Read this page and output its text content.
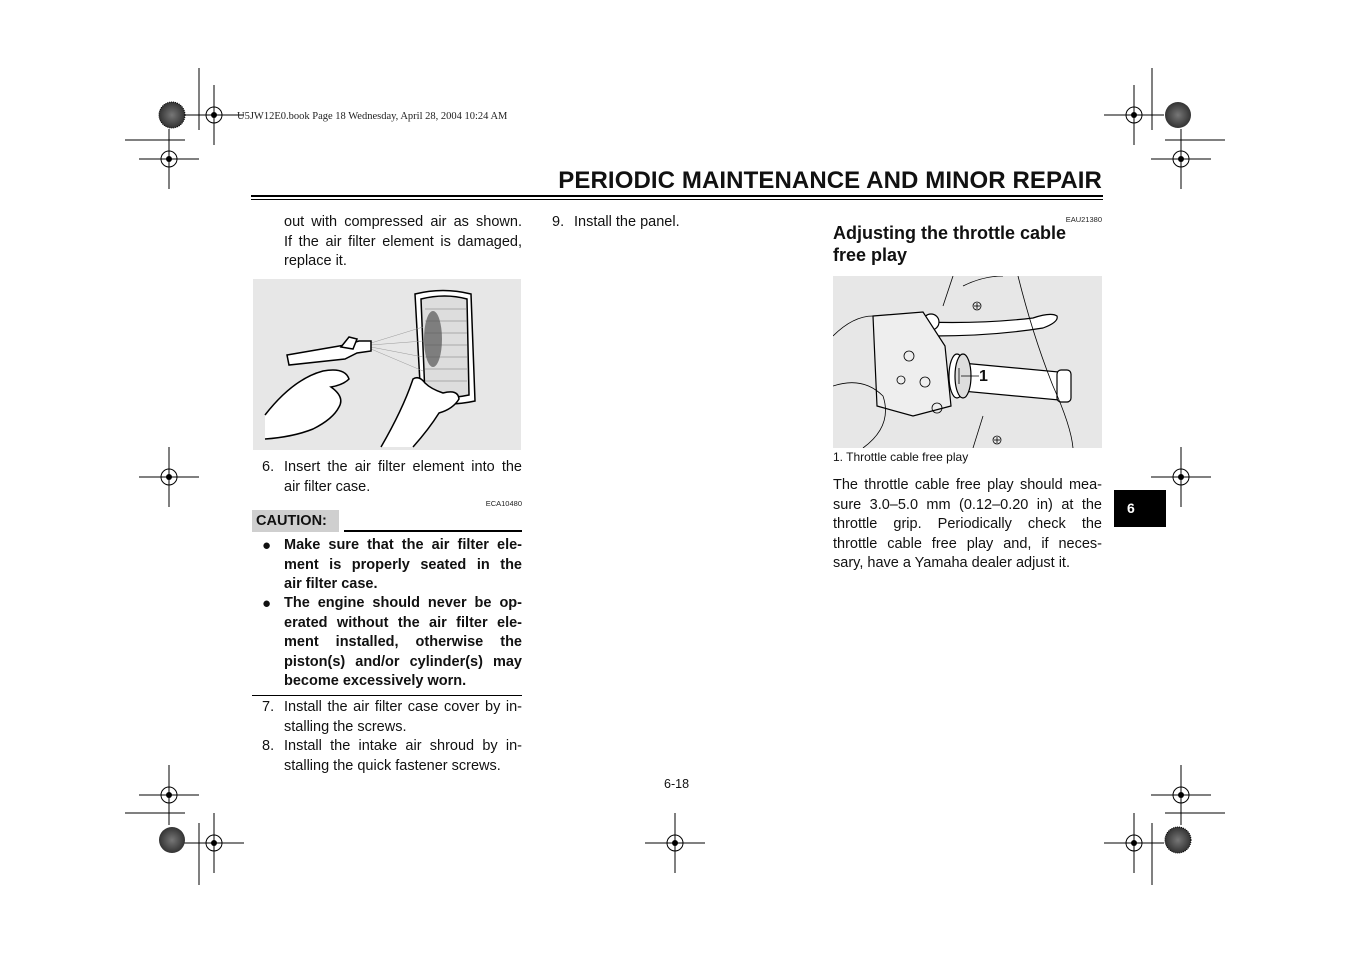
U5JW12E0.book Page 18 Wednesday, April 28, 2004 10:24 AM
PERIODIC MAINTENANCE AND MINOR REPAIR
out with compressed air as shown.
If the air filter element is damaged,
replace it.
6. Insert the air filter element into the
air filter case.
ECA10480
CAUTION:
● Make sure that the air filter ele-
ment is properly seated in the
air filter case.
● The engine should never be op-
erated without the air filter ele-
ment installed, otherwise the
piston(s) and/or cylinder(s) may
become excessively worn.
7. Install the air filter case cover by in-
stalling the screws.
8. Install the intake air shroud by in-
stalling the quick fastener screws.
9. Install the panel.	EAU21380
Adjusting the throttle cable
free play
1
1. Throttle cable free play
The throttle cable free play should mea-
sure 3.0–5.0 mm (0.12–0.20 in) at the
throttle grip. Periodically check the
throttle cable free play and, if neces-
sary, have a Yamaha dealer adjust it.
6
6-18
